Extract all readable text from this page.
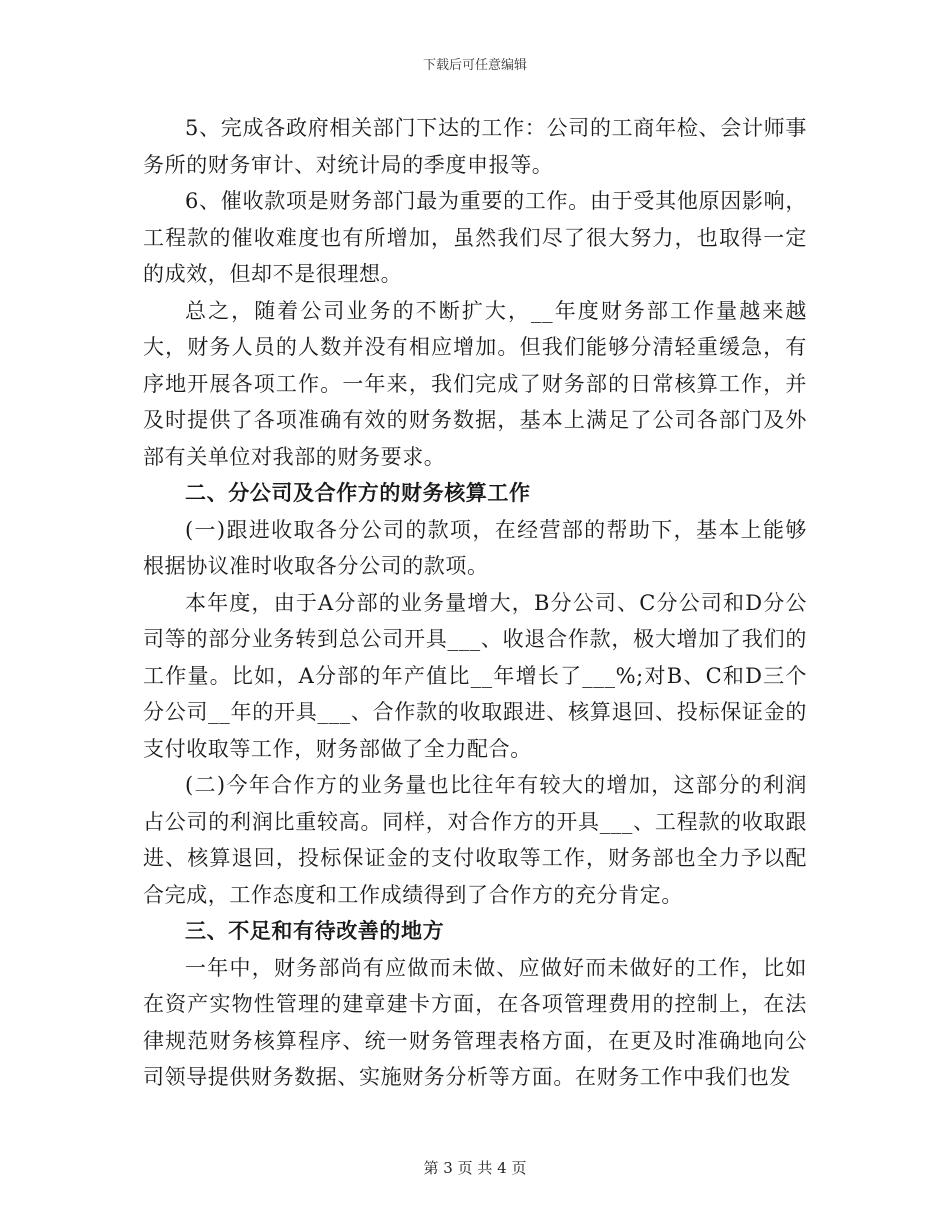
下载后可任意编辑

5、完成各政府相关部门下达的工作：公司的工商年检、会计师事务所的财务审计、对统计局的季度申报等。

6、催收款项是财务部门最为重要的工作。由于受其他原因影响，工程款的催收难度也有所增加，虽然我们尽了很大努力，也取得一定的成效，但却不是很理想。

总之，随着公司业务的不断扩大，__年度财务部工作量越来越大，财务人员的人数并没有相应增加。但我们能够分清轻重缓急，有序地开展各项工作。一年来，我们完成了财务部的日常核算工作，并及时提供了各项准确有效的财务数据，基本上满足了公司各部门及外部有关单位对我部的财务要求。

二、分公司及合作方的财务核算工作

(一)跟进收取各分公司的款项，在经营部的帮助下，基本上能够根据协议准时收取各分公司的款项。

本年度，由于A分部的业务量增大，B分公司、C分公司和D分公司等的部分业务转到总公司开具___、收退合作款，极大增加了我们的工作量。比如，A分部的年产值比__年增长了___%;对B、C和D三个分公司__年的开具___、合作款的收取跟进、核算退回、投标保证金的支付收取等工作，财务部做了全力配合。

(二)今年合作方的业务量也比往年有较大的增加，这部分的利润占公司的利润比重较高。同样，对合作方的开具___、工程款的收取跟进、核算退回，投标保证金的支付收取等工作，财务部也全力予以配合完成，工作态度和工作成绩得到了合作方的充分肯定。

三、不足和有待改善的地方

一年中，财务部尚有应做而未做、应做好而未做好的工作，比如在资产实物性管理的建章建卡方面，在各项管理费用的控制上，在法律规范财务核算程序、统一财务管理表格方面，在更及时准确地向公司领导提供财务数据、实施财务分析等方面。在财务工作中我们也发

第 3 页 共 4 页
